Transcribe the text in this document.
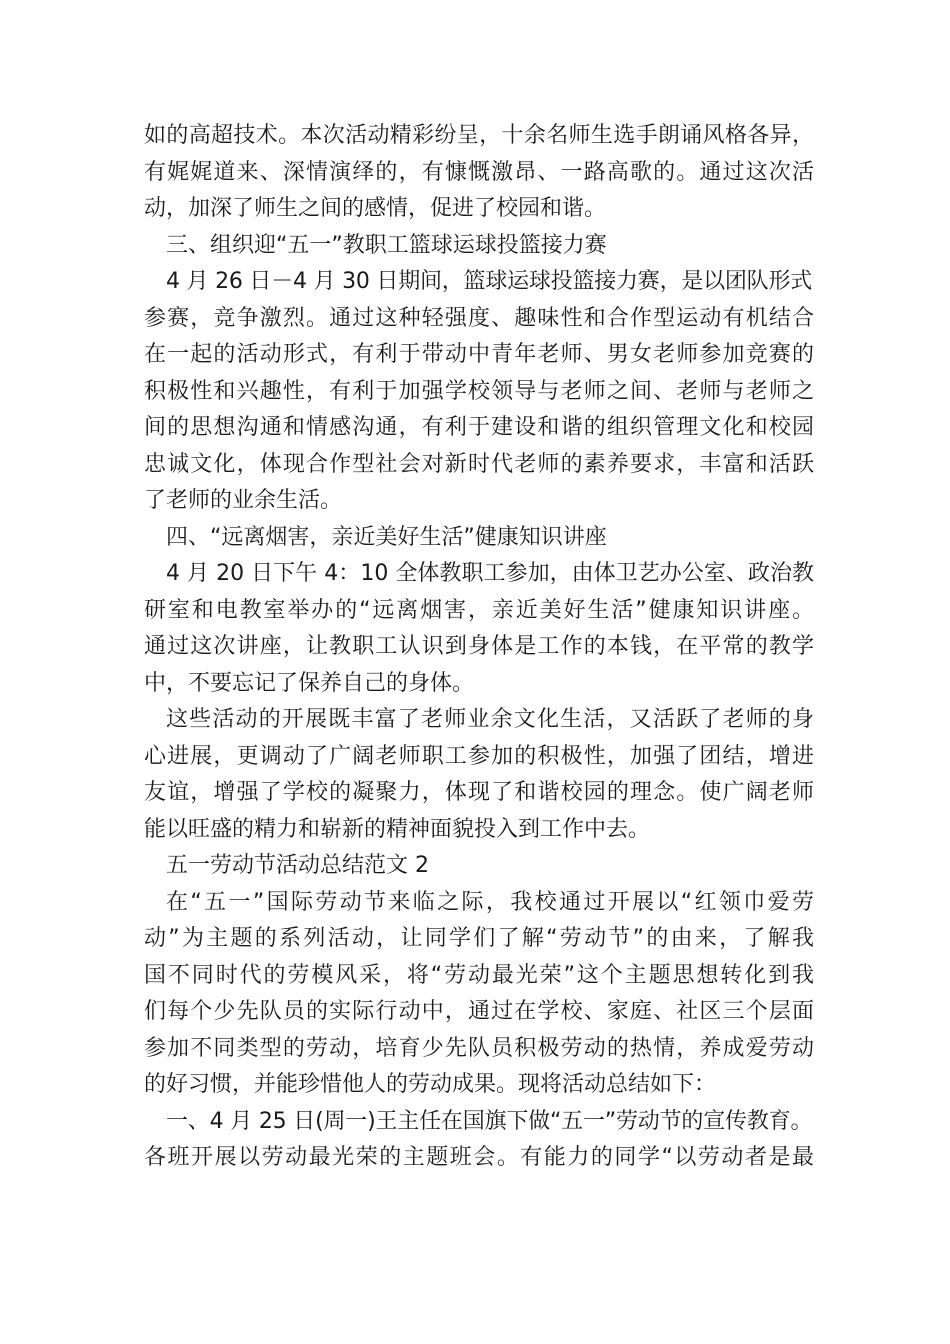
如的高超技术。本次活动精彩纷呈，十余名师生选手朗诵风格各异，
有娓娓道来、深情演绎的，有慷慨激昂、一路高歌的。通过这次活
动，加深了师生之间的感情，促进了校园和谐。
三、组织迎“五一”教职工篮球运球投篮接力赛
4 月 26 日－4 月 30 日期间，篮球运球投篮接力赛，是以团队形式
参赛，竞争激烈。通过这种轻强度、趣味性和合作型运动有机结合
在一起的活动形式，有利于带动中青年老师、男女老师参加竞赛的
积极性和兴趣性，有利于加强学校领导与老师之间、老师与老师之
间的思想沟通和情感沟通，有利于建设和谐的组织管理文化和校园
忠诚文化，体现合作型社会对新时代老师的素养要求，丰富和活跃
了老师的业余生活。
四、“远离烟害，亲近美好生活”健康知识讲座
4 月 20 日下午 4：10 全体教职工参加，由体卫艺办公室、政治教
研室和电教室举办的“远离烟害，亲近美好生活”健康知识讲座。
通过这次讲座，让教职工认识到身体是工作的本钱，在平常的教学
中，不要忘记了保养自己的身体。
这些活动的开展既丰富了老师业余文化生活，又活跃了老师的身
心进展，更调动了广阔老师职工参加的积极性，加强了团结，增进
友谊，增强了学校的凝聚力，体现了和谐校园的理念。使广阔老师
能以旺盛的精力和崭新的精神面貌投入到工作中去。
五一劳动节活动总结范文 2
在“五一”国际劳动节来临之际，我校通过开展以“红领巾爱劳
动”为主题的系列活动，让同学们了解“劳动节”的由来，了解我
国不同时代的劳模风采，将“劳动最光荣”这个主题思想转化到我
们每个少先队员的实际行动中，通过在学校、家庭、社区三个层面
参加不同类型的劳动，培育少先队员积极劳动的热情，养成爱劳动
的好习惯，并能珍惜他人的劳动成果。现将活动总结如下：
一、4 月 25 日(周一)王主任在国旗下做“五一”劳动节的宣传教育。
各班开展以劳动最光荣的主题班会。有能力的同学“以劳动者是最
